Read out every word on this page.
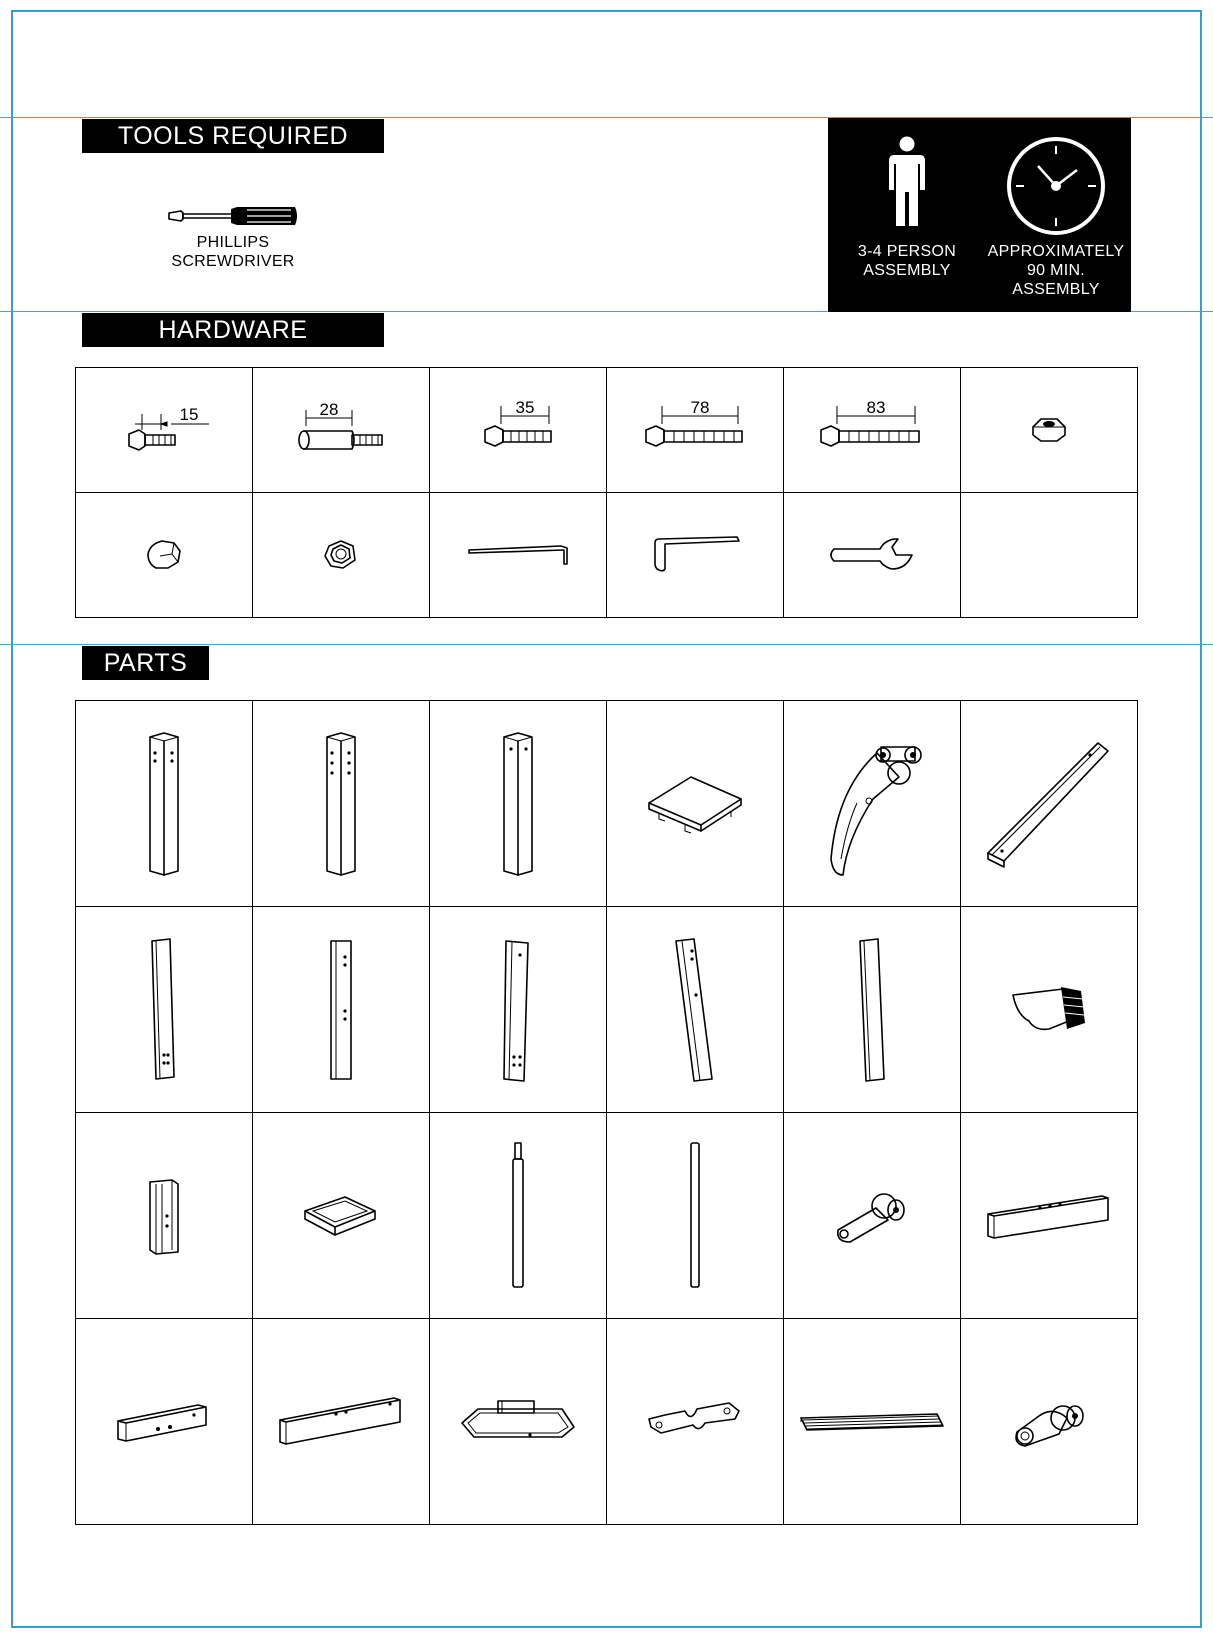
TOOLS REQUIRED
PHILLIPS
SCREWDRIVER
3-4 PERSON
ASSEMBLY
APPROXIMATELY
90 MIN.
ASSEMBLY
HARDWARE
15	28	35	78	83

PARTS
